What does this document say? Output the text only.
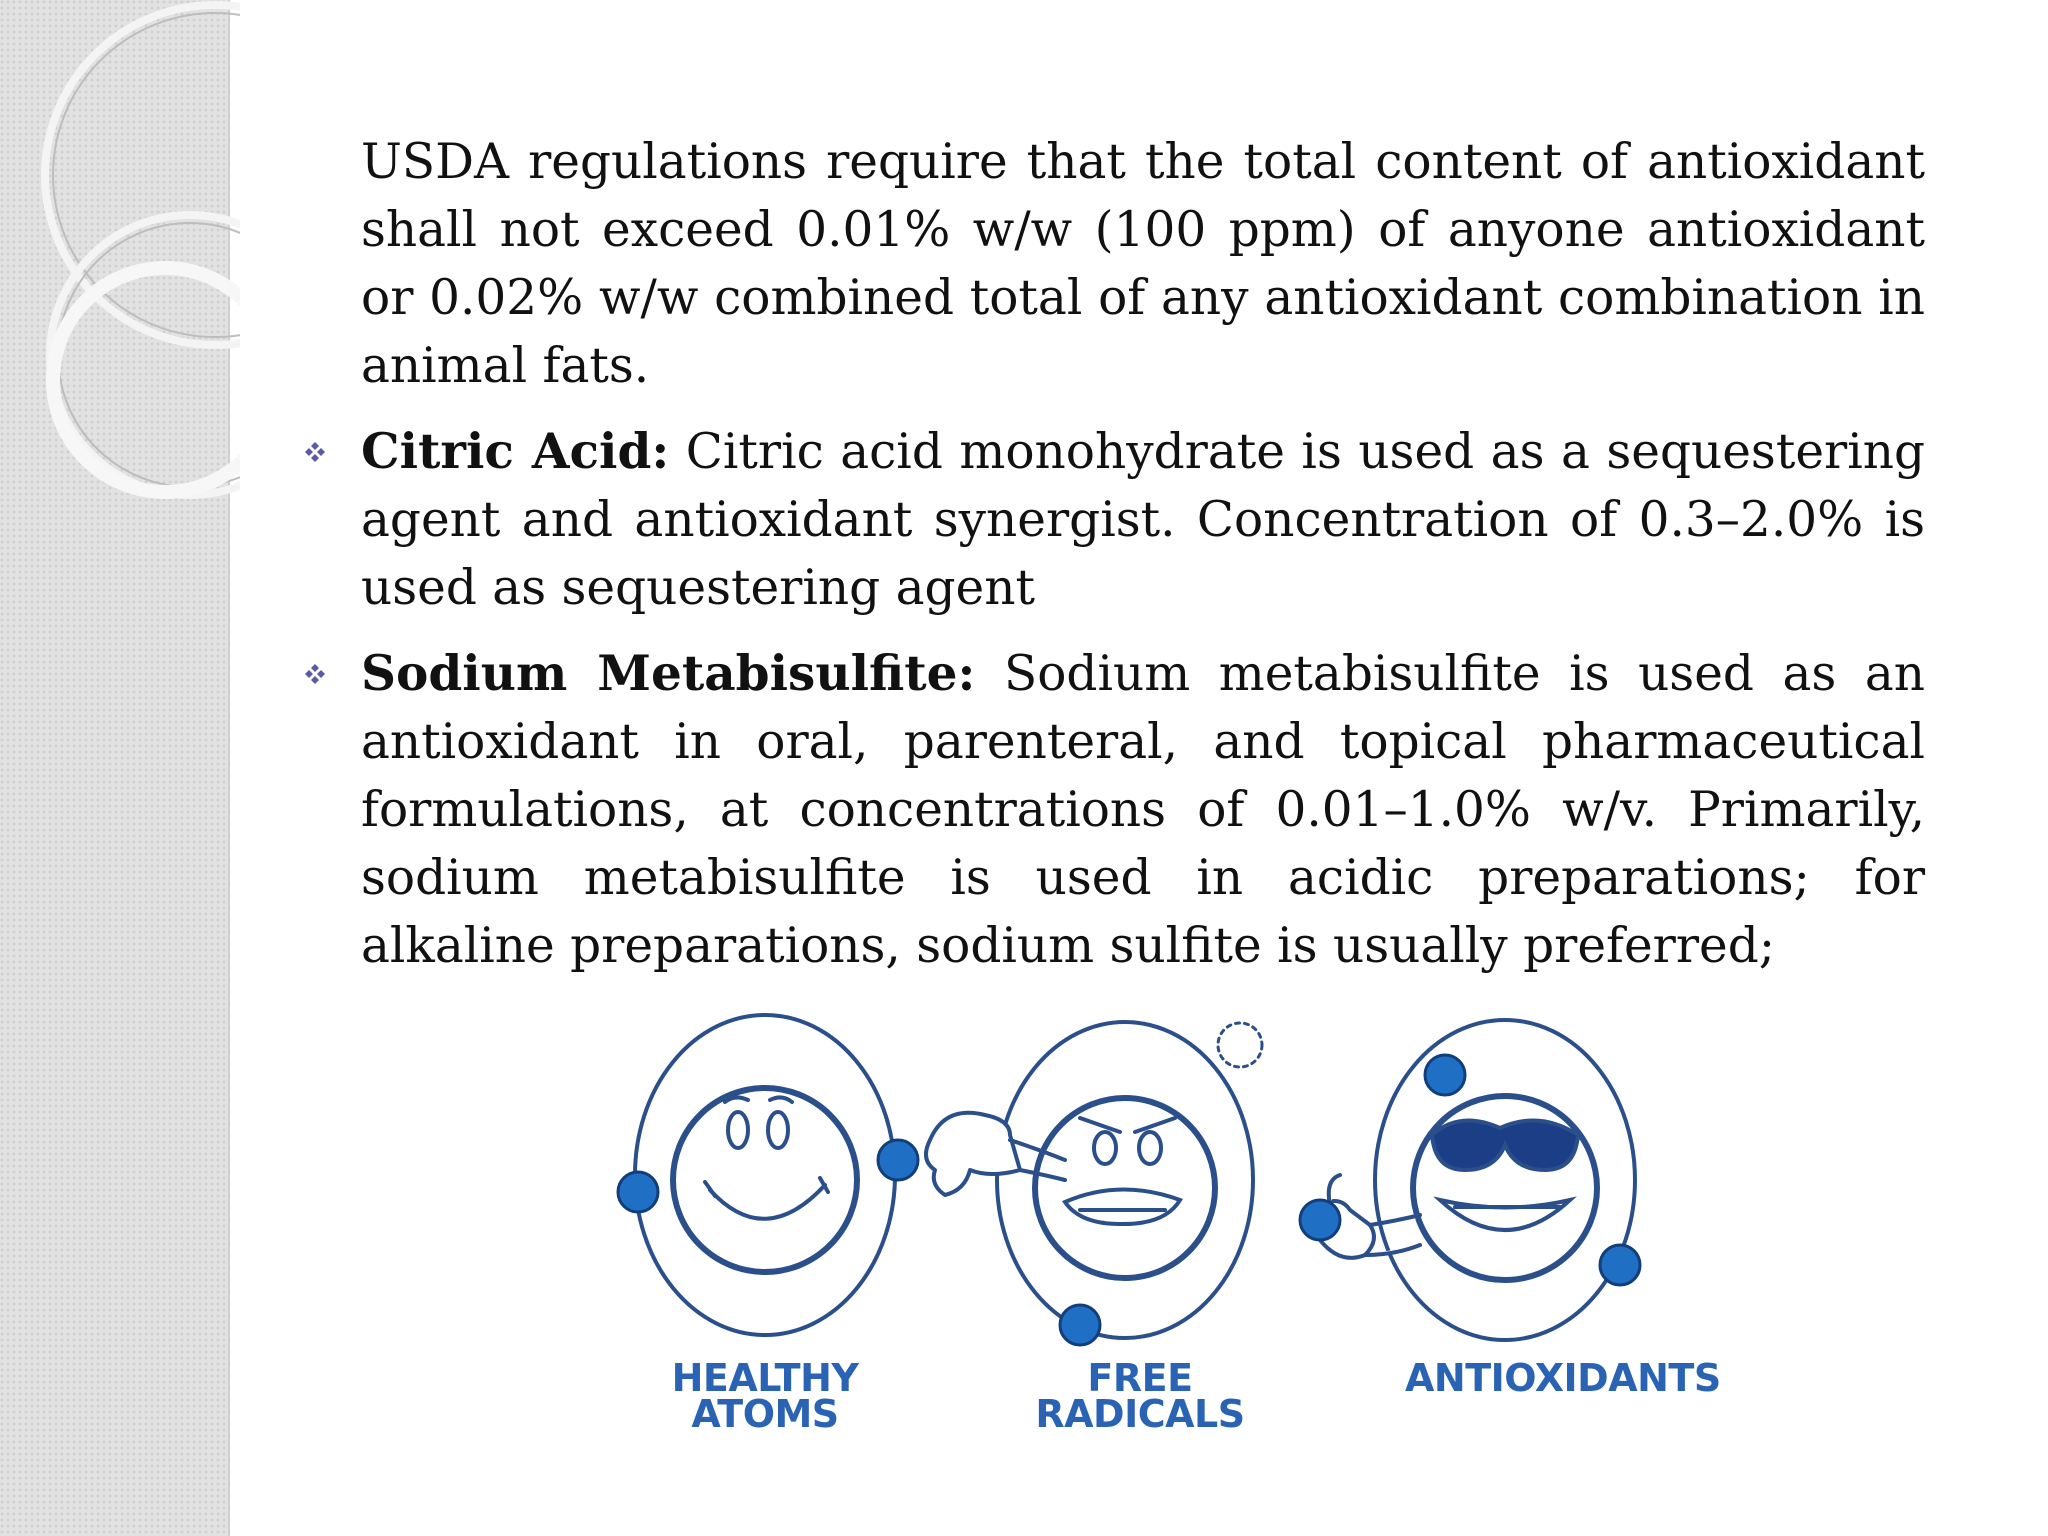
USDA regulations require that the total content of antioxidant shall not exceed 0.01% w/w (100 ppm) of anyone antioxidant or 0.02% w/w combined total of any antioxidant combination in animal fats.

Citric Acid: Citric acid monohydrate is used as a sequestering agent and antioxidant synergist. Concentration of 0.3–2.0% is used as sequestering agent

Sodium Metabisulfite: Sodium metabisulfite is used as an antioxidant in oral, parenteral, and topical pharmaceutical formulations, at concentrations of 0.01–1.0% w/v. Primarily, sodium metabisulfite is used in acidic preparations; for alkaline preparations, sodium sulfite is usually preferred;

HEALTHY
ATOMS
FREE
RADICALS
ANTIOXIDANTS
